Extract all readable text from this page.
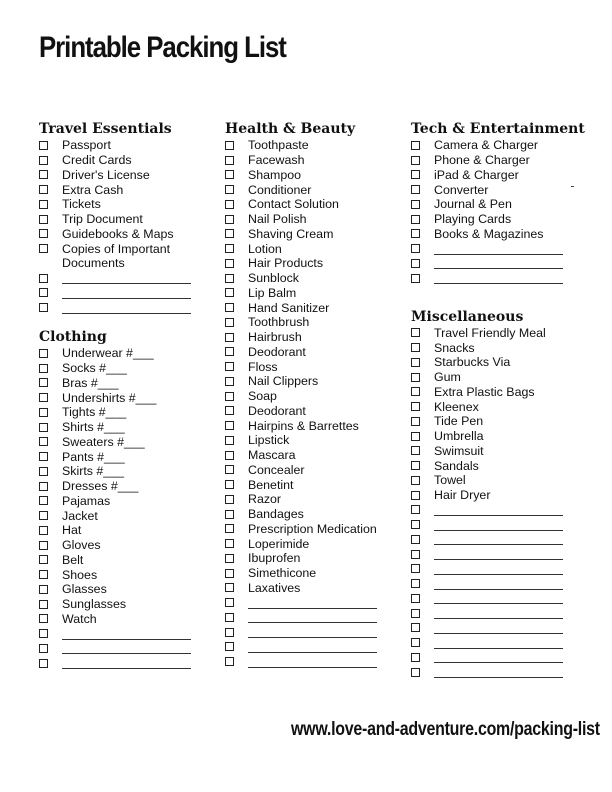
Printable Packing List
Travel Essentials
Passport
Credit Cards
Driver's License
Extra Cash
Tickets
Trip Document
Guidebooks & Maps
Copies of Important
Documents
Clothing
Underwear #___
Socks #___
Bras #___
Undershirts #___
Tights #___
Shirts #___
Sweaters #___
Pants #___
Skirts #___
Dresses #___
Pajamas
Jacket
Hat
Gloves
Belt
Shoes
Glasses
Sunglasses
Watch
Health & Beauty
Toothpaste
Facewash
Shampoo
Conditioner
Contact Solution
Nail Polish
Shaving Cream
Lotion
Hair Products
Sunblock
Lip Balm
Hand Sanitizer
Toothbrush
Hairbrush
Deodorant
Floss
Nail Clippers
Soap
Deodorant
Hairpins & Barrettes
Lipstick
Mascara
Concealer
Benetint
Razor
Bandages
Prescription Medication
Loperimide
Ibuprofen
Simethicone
Laxatives
Tech & Entertainment
Camera & Charger
Phone & Charger
iPad & Charger
Converter
Journal & Pen
Playing Cards
Books & Magazines
Miscellaneous
Travel Friendly Meal
Snacks
Starbucks Via
Gum
Extra Plastic Bags
Kleenex
Tide Pen
Umbrella
Swimsuit
Sandals
Towel
Hair Dryer
www.love-and-adventure.com/packing-list
